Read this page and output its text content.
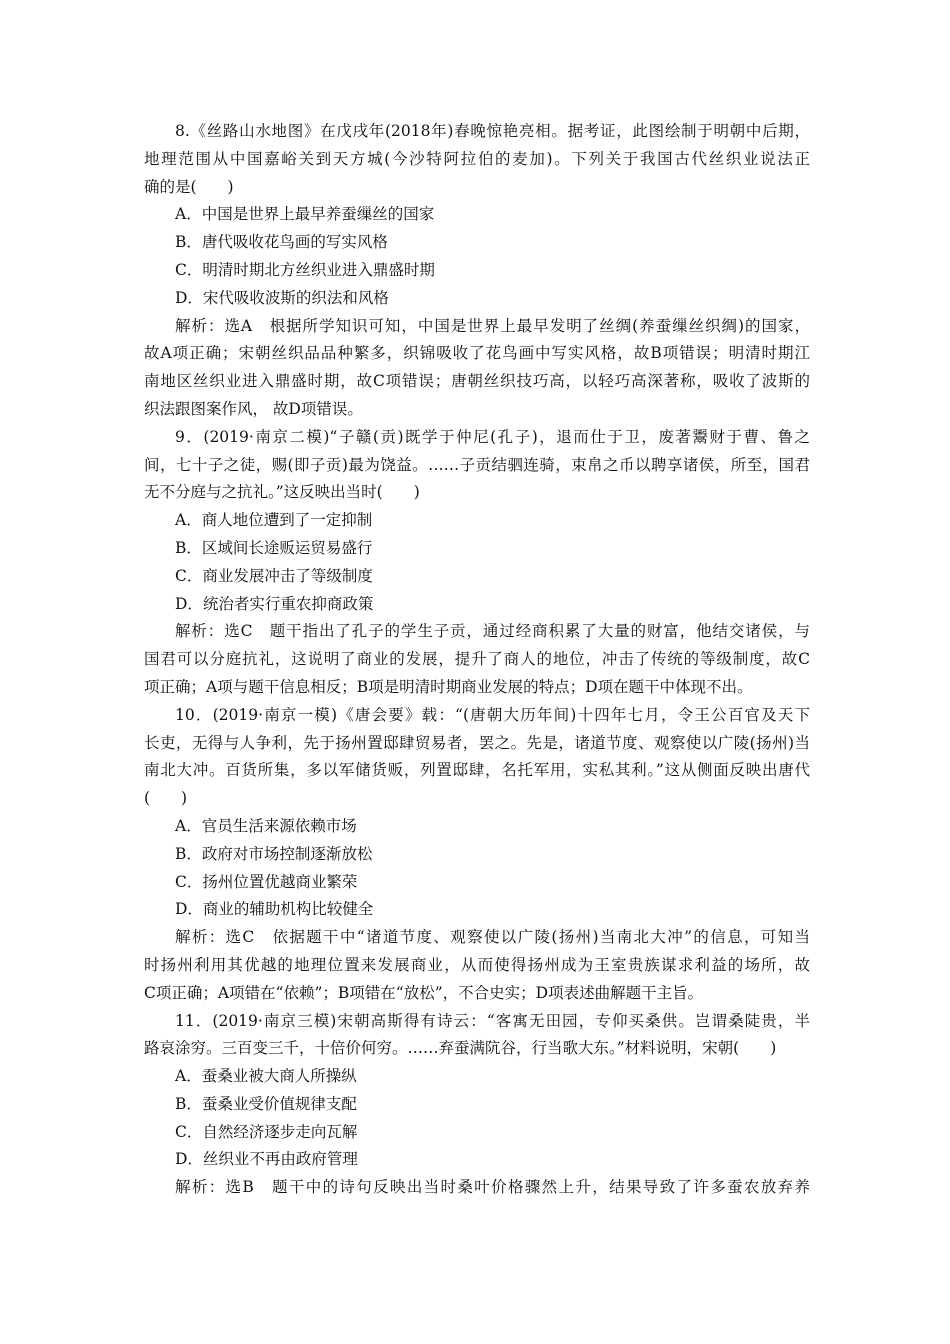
8.《丝路山水地图》在戊戌年(2018年)春晚惊艳亮相。据考证，此图绘制于明朝中后期，
地理范围从中国嘉峪关到天方城(今沙特阿拉伯的麦加)。下列关于我国古代丝织业说法正
确的是(　　)
A．中国是世界上最早养蚕缫丝的国家
B．唐代吸收花鸟画的写实风格
C．明清时期北方丝织业进入鼎盛时期
D．宋代吸收波斯的织法和风格
解析：选A　根据所学知识可知，中国是世界上最早发明了丝绸(养蚕缫丝织绸)的国家，
故A项正确；宋朝丝织品品种繁多，织锦吸收了花鸟画中写实风格，故B项错误；明清时期江
南地区丝织业进入鼎盛时期，故C项错误；唐朝丝织技巧高，以轻巧高深著称，吸收了波斯的
织法跟图案作风， 故D项错误。
9．(2019·南京二模)“子赣(贡)既学于仲尼(孔子)，退而仕于卫，废著鬻财于曹、鲁之
间，七十子之徒，赐(即子贡)最为饶益。……子贡结驷连骑，束帛之币以聘享诸侯，所至，国君
无不分庭与之抗礼。”这反映出当时(　　)
A．商人地位遭到了一定抑制
B．区域间长途贩运贸易盛行
C．商业发展冲击了等级制度
D．统治者实行重农抑商政策
解析：选C　题干指出了孔子的学生子贡，通过经商积累了大量的财富，他结交诸侯，与
国君可以分庭抗礼，这说明了商业的发展，提升了商人的地位，冲击了传统的等级制度，故C
项正确；A项与题干信息相反；B项是明清时期商业发展的特点；D项在题干中体现不出。
10．(2019·南京一模)《唐会要》载：“(唐朝大历年间)十四年七月，令王公百官及天下
长吏，无得与人争利，先于扬州置邸肆贸易者，罢之。先是，诸道节度、观察使以广陵(扬州)当
南北大冲。百货所集，多以军储货贩，列置邸肆，名托军用，实私其利。”这从侧面反映出唐代
(　　)
A．官员生活来源依赖市场
B．政府对市场控制逐渐放松
C．扬州位置优越商业繁荣
D．商业的辅助机构比较健全
解析：选C　依据题干中“诸道节度、观察使以广陵(扬州)当南北大冲”的信息，可知当
时扬州利用其优越的地理位置来发展商业，从而使得扬州成为王室贵族谋求利益的场所，故
C项正确；A项错在“依赖”；B项错在“放松”，不合史实；D项表述曲解题干主旨。
11．(2019·南京三模)宋朝高斯得有诗云：“客寓无田园，专仰买桑供。岂谓桑陡贵，半
路哀涂穷。三百变三千，十倍价何穷。……弃蚕满阬谷，行当歌大东。”材料说明，宋朝(　　)
A．蚕桑业被大商人所操纵
B．蚕桑业受价值规律支配
C．自然经济逐步走向瓦解
D．丝织业不再由政府管理
解析：选B　题干中的诗句反映出当时桑叶价格骤然上升，结果导致了许多蚕农放弃养
